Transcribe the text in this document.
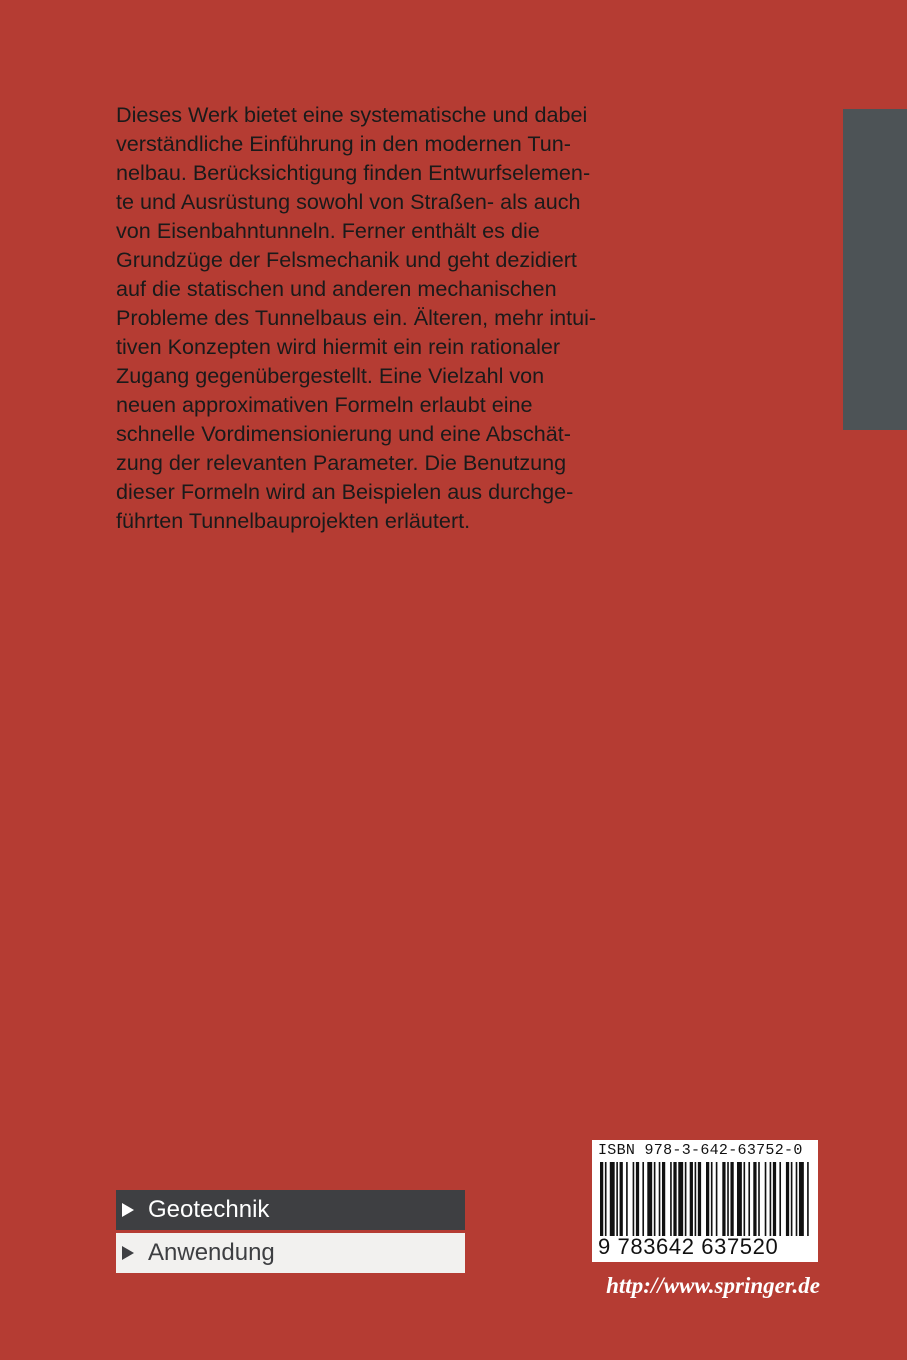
Dieses Werk bietet eine systematische und dabei
verständliche Einführung in den modernen Tun-
nelbau. Berücksichtigung finden Entwurfselemen-
te und Ausrüstung sowohl von Straßen- als auch
von Eisenbahntunneln. Ferner enthält es die
Grundzüge der Felsmechanik und geht dezidiert
auf die statischen und anderen mechanischen
Probleme des Tunnelbaus ein. Älteren, mehr intui-
tiven Konzepten wird hiermit ein rein rationaler
Zugang gegenübergestellt. Eine Vielzahl von
neuen approximativen Formeln erlaubt eine
schnelle Vordimensionierung und eine Abschät-
zung der relevanten Parameter. Die Benutzung
dieser Formeln wird an Beispielen aus durchge-
führten Tunnelbauprojekten erläutert.
Geotechnik
Anwendung
ISBN 978-3-642-63752-0
9 783642 637520
http://www.springer.de
